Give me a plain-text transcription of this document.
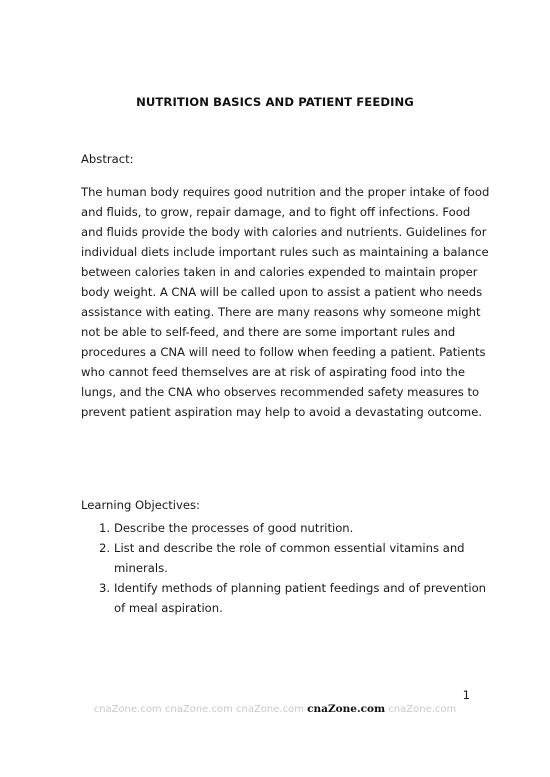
NUTRITION BASICS AND PATIENT FEEDING
Abstract:

The human body requires good nutrition and the proper intake of food
and fluids, to grow, repair damage, and to fight off infections. Food
and fluids provide the body with calories and nutrients. Guidelines for
individual diets include important rules such as maintaining a balance
between calories taken in and calories expended to maintain proper
body weight. A CNA will be called upon to assist a patient who needs
assistance with eating. There are many reasons why someone might
not be able to self-feed, and there are some important rules and
procedures a CNA will need to follow when feeding a patient. Patients
who cannot feed themselves are at risk of aspirating food into the
lungs, and the CNA who observes recommended safety measures to
prevent patient aspiration may help to avoid a devastating outcome.

Learning Objectives:
1. Describe the processes of good nutrition.
2. List and describe the role of common essential vitamins and
minerals.
3. Identify methods of planning patient feedings and of prevention
of meal aspiration.
1
cnaZone.com cnaZone.com cnaZone.com cnaZone.com cnaZone.com
